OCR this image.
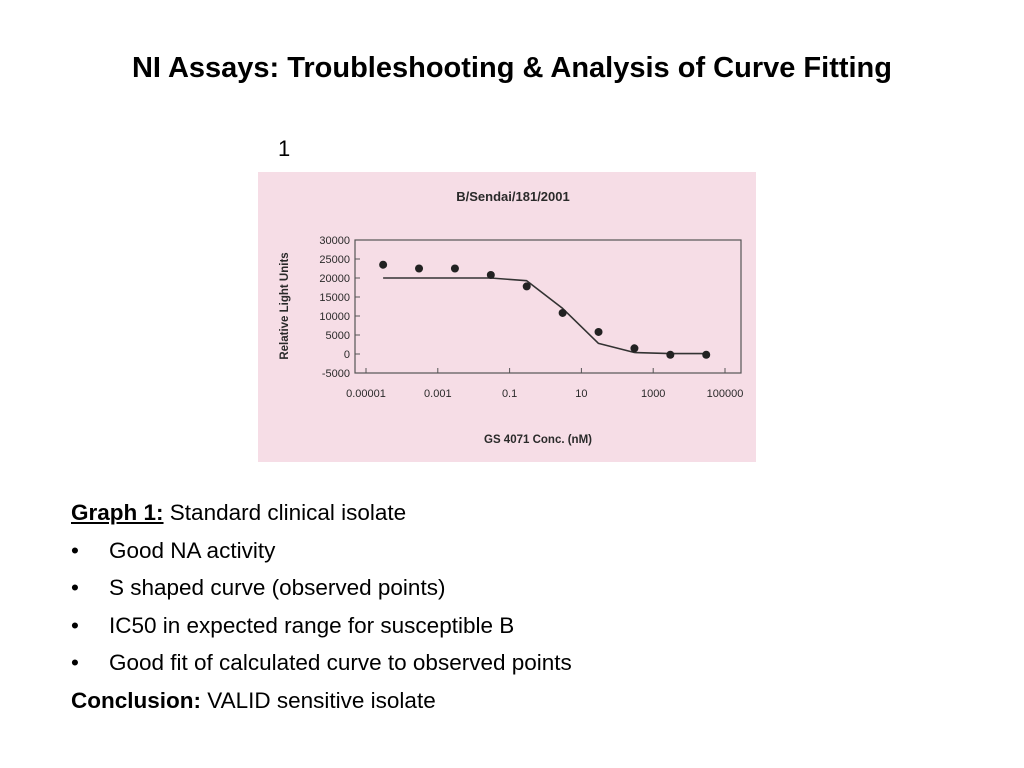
NI Assays: Troubleshooting & Analysis of Curve Fitting
1
B/Sendai/181/2001
Relative Light Units
GS 4071 Conc. (nM)
-5000
0
5000
10000
15000
20000
25000
30000
0.00001	0.001	0.1	10	1000	100000
Graph 1: Standard clinical isolate
• Good NA activity
• S shaped curve (observed points)
• IC50 in expected range for susceptible B
• Good fit of calculated curve to observed points
Conclusion: VALID sensitive isolate
